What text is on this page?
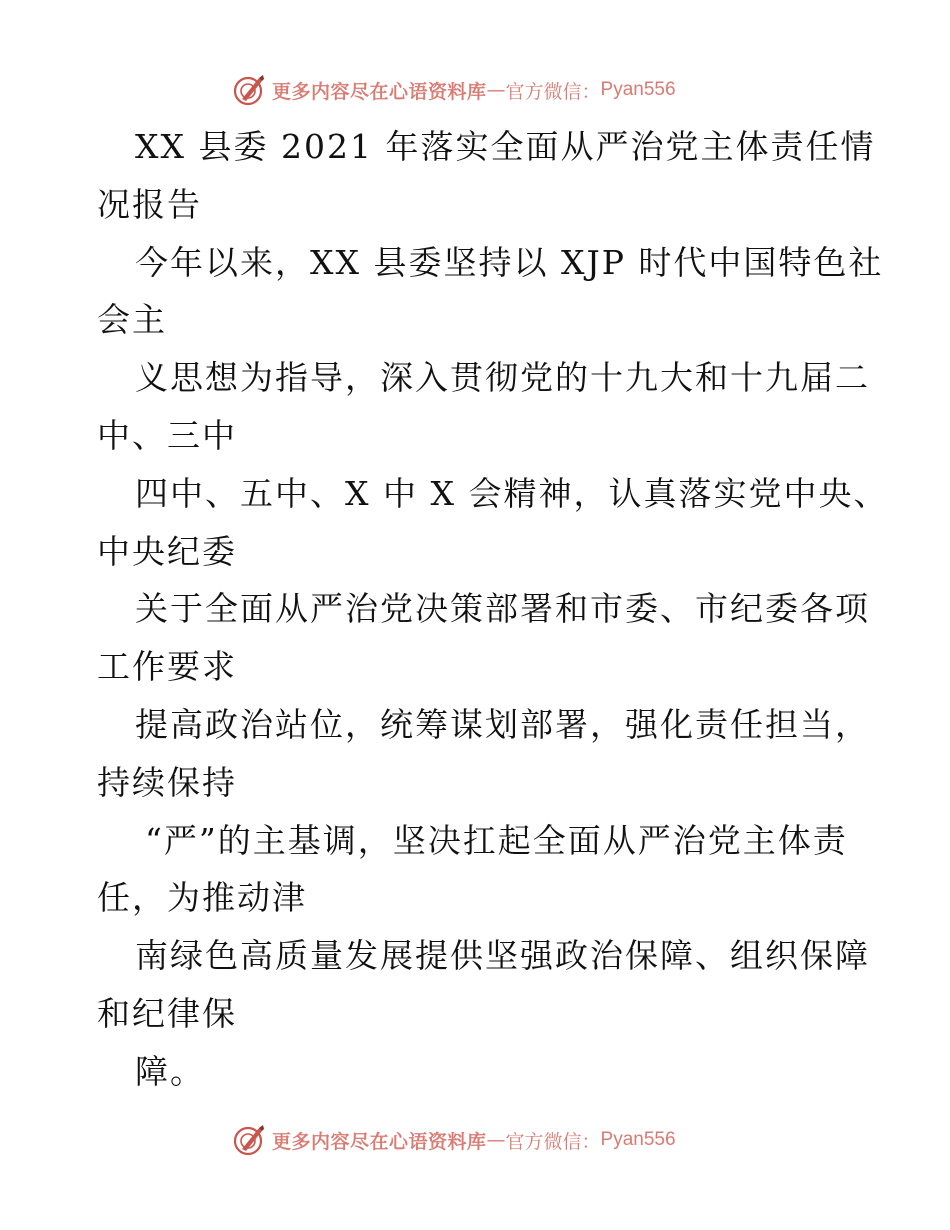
更多内容尽在心语资料库 — 官方微信： Pyan556
XX 县委 2021 年落实全面从严治党主体责任情
况报告
今年以来，XX 县委坚持以 XJP 时代中国特色社
会主
义思想为指导，深入贯彻党的十九大和十九届二
中、三中
四中、五中、X 中 X 会精神，认真落实党中央、
中央纪委
关于全面从严治党决策部署和市委、市纪委各项
工作要求
提高政治站位，统筹谋划部署，强化责任担当，
持续保持
“严”的主基调，坚决扛起全面从严治党主体责
任，为推动津
南绿色高质量发展提供坚强政治保障、组织保障
和纪律保
障。
更多内容尽在心语资料库 — 官方微信： Pyan556
